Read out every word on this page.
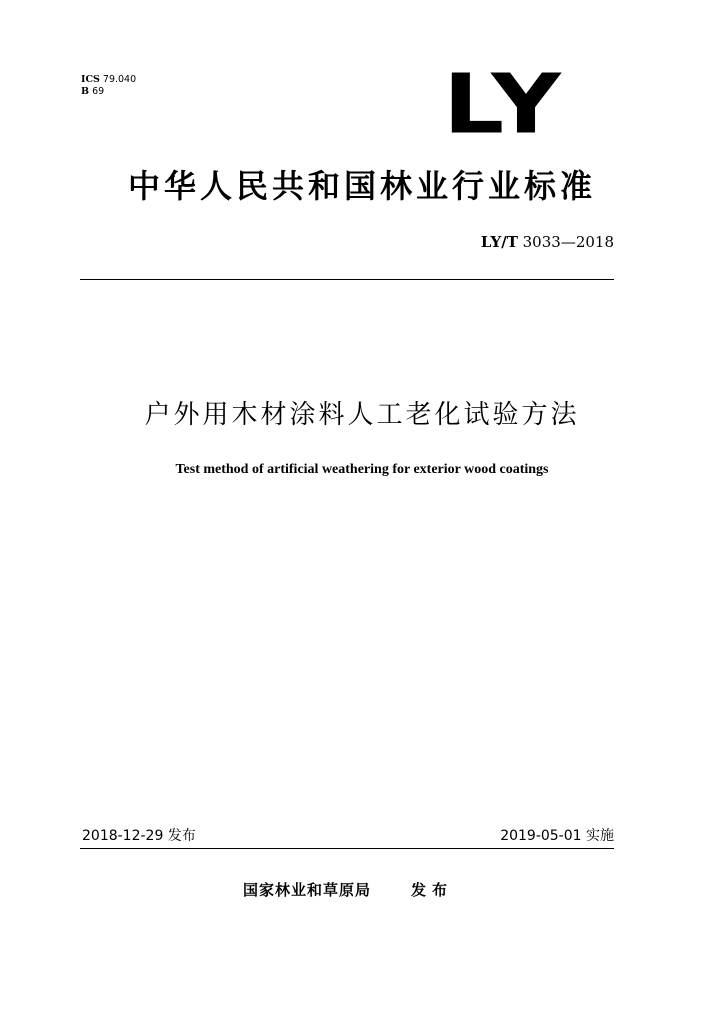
ICS 79.040
B 69	LY
中华人民共和国林业行业标准
LY/T 3033—2018
户外用木材涂料人工老化试验方法
Test method of artificial weathering for exterior wood coatings
2018-12-29 发布	2019-05-01 实施
国家林业和草原局	发布
